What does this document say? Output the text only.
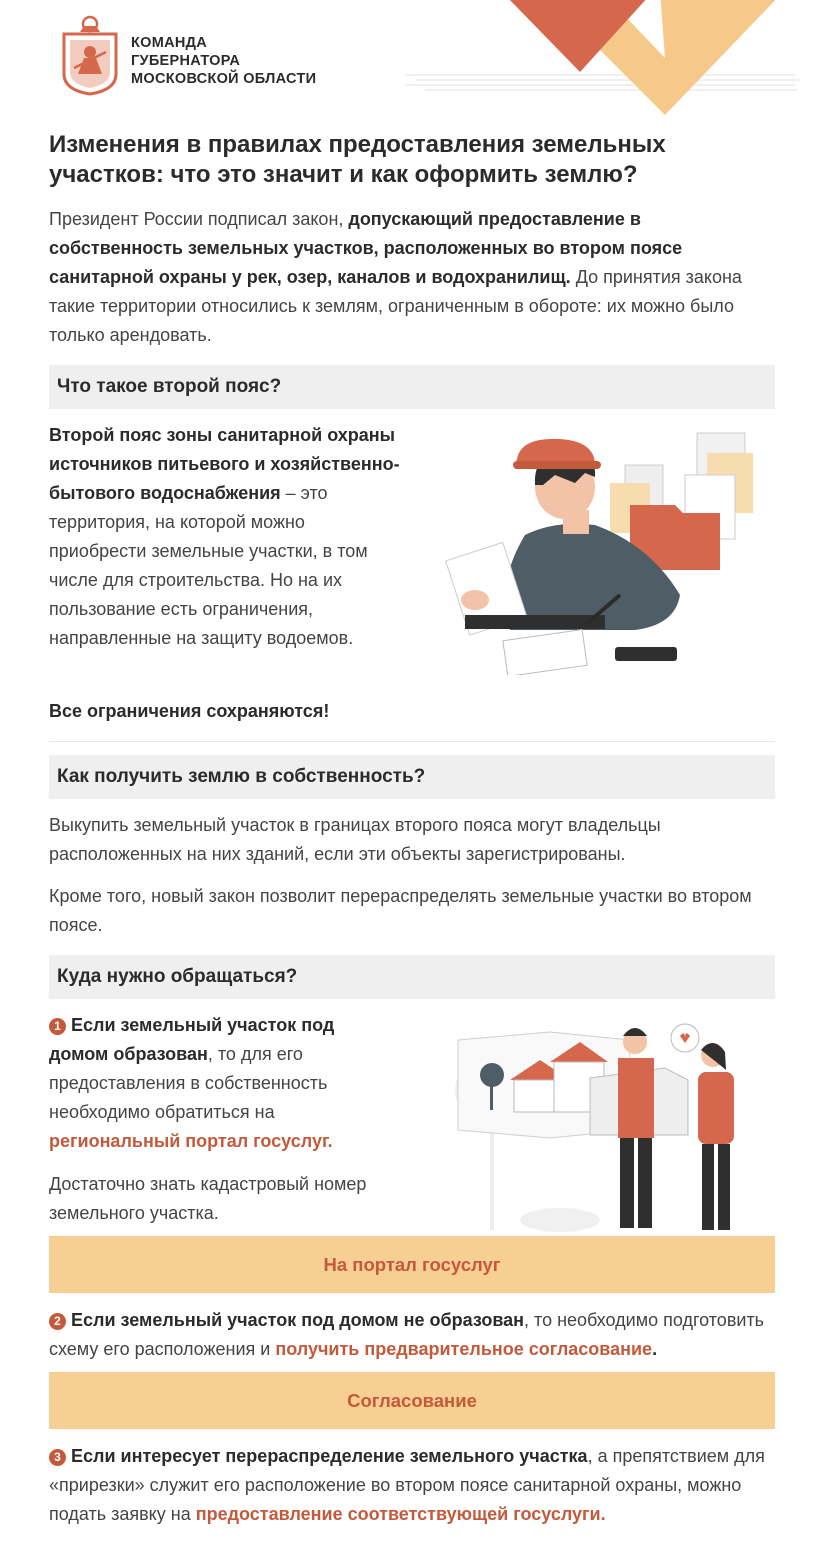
КОМАНДА
ГУБЕРНАТОРА
МОСКОВСКОЙ ОБЛАСТИ
Изменения в правилах предоставления земельных участков: что это значит и как оформить землю?

Президент России подписал закон, допускающий предоставление в собственность земельных участков, расположенных во втором поясе санитарной охраны у рек, озер, каналов и водохранилищ. До принятия закона такие территории относились к землям, ограниченным в обороте: их можно было только арендовать.

Что такое второй пояс?

Второй пояс зоны санитарной охраны источников питьевого и хозяйственно-бытового водоснабжения – это территория, на которой можно приобрести земельные участки, в том числе для строительства. Но на их пользование есть ограничения, направленные на защиту водоемов.

Все ограничения сохраняются!

Как получить землю в собственность?

Выкупить земельный участок в границах второго пояса могут владельцы расположенных на них зданий, если эти объекты зарегистрированы.

Кроме того, новый закон позволит перераспределять земельные участки во втором поясе.

Куда нужно обращаться?

1 Если земельный участок под домом образован, то для его предоставления в собственность необходимо обратиться на региональный портал госуслуг.

Достаточно знать кадастровый номер земельного участка.

На портал госуслуг

2 Если земельный участок под домом не образован, то необходимо подготовить схему его расположения и получить предварительное согласование.

Согласование

3 Если интересует перераспределение земельного участка, а препятствием для «прирезки» служит его расположение во втором поясе санитарной охраны, можно подать заявку на предоставление соответствующей госуслуги.
